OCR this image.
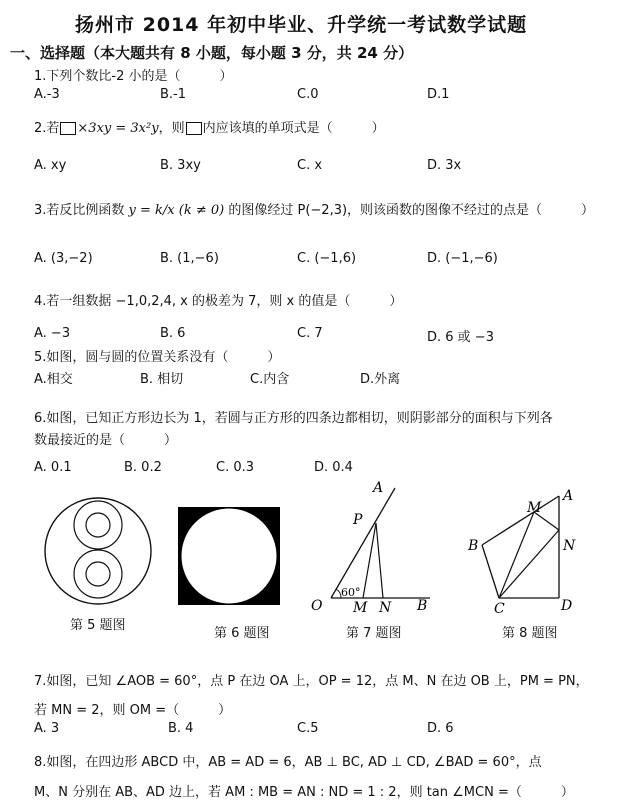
扬州市 2014 年初中毕业、升学统一考试数学试题
一、选择题（本大题共有 8 小题，每小题 3 分，共 24 分）
1.下列个数比-2 小的是（　　　）
A.-3	B.-1	C.0	D.1
2.若 ×3xy = 3x²y，则 内应该填的单项式是（　　　）
A. xy	B. 3xy	C. x	D. 3x
3.若反比例函数 y = k/x (k ≠ 0) 的图像经过 P(−2,3)，则该函数的图像不经过的点是（　　　）
A. (3,−2)	B. (1,−6)	C. (−1,6)	D. (−1,−6)
4.若一组数据 −1,0,2,4, x 的极差为 7，则 x 的值是（　　　）
A. −3	B. 6	C. 7	D. 6 或 −3
5.如图，圆与圆的位置关系没有（　　　）
A.相交	B. 相切	C.内含	D.外离
6.如图，已知正方形边长为 1，若圆与正方形的四条边都相切，则阴影部分的面积与下列各
数最接近的是（　　　）
A. 0.1	B. 0.2	C. 0.3	D. 0.4
第 5 题图
第 6 题图
A
P
O M N B
60°
第 7 题图
A
M
B	N
C	D
第 8 题图
7.如图，已知 ∠AOB = 60°，点 P 在边 OA 上，OP = 12，点 M、N 在边 OB 上，PM = PN，
若 MN = 2，则 OM =（　　　）
A. 3	B. 4	C.5	D. 6
8.如图，在四边形 ABCD 中，AB = AD = 6，AB ⊥ BC, AD ⊥ CD, ∠BAD = 60°，点
M、N 分别在 AB、AD 边上，若 AM : MB = AN : ND = 1 : 2，则 tan ∠MCN =（　　　）
